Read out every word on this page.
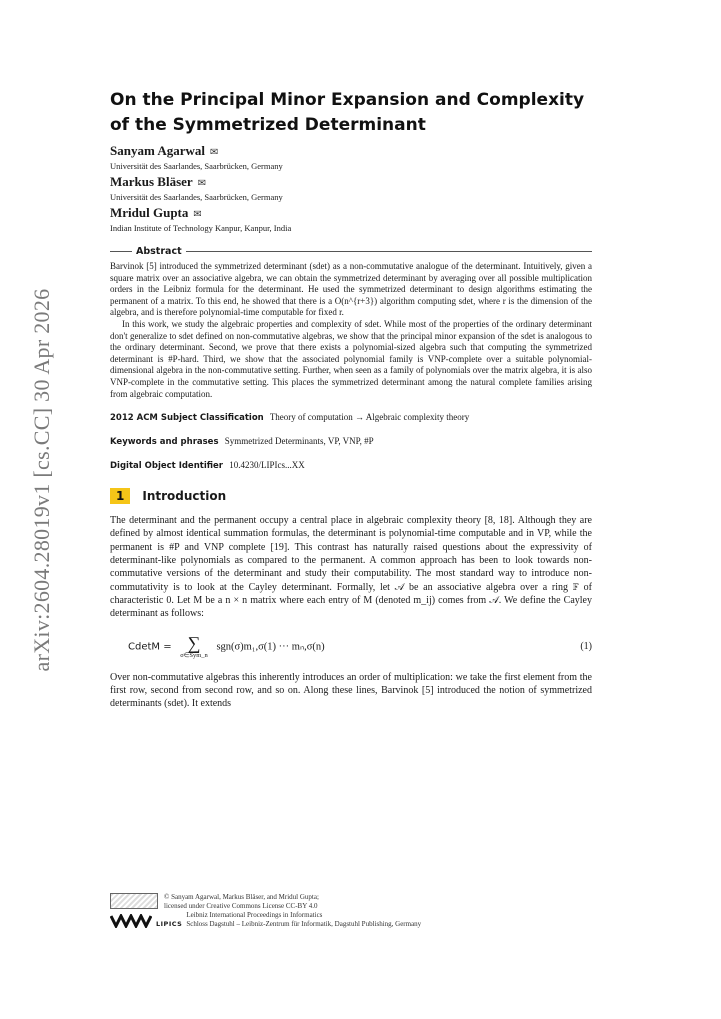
arXiv:2604.28019v1 [cs.CC] 30 Apr 2026
On the Principal Minor Expansion and Complexity
of the Symmetrized Determinant
Sanyam Agarwal ✉
Universität des Saarlandes, Saarbrücken, Germany
Markus Bläser ✉
Universität des Saarlandes, Saarbrücken, Germany
Mridul Gupta ✉
Indian Institute of Technology Kanpur, Kanpur, India
Abstract

Barvinok [5] introduced the symmetrized determinant (sdet) as a non-commutative analogue of the determinant. Intuitively, given a square matrix over an associative algebra, we can obtain the symmetrized determinant by averaging over all possible multiplication orders in the Leibniz formula for the determinant. He used the symmetrized determinant to design algorithms estimating the permanent of a matrix. To this end, he showed that there is a O(n^{r+3}) algorithm computing sdet, where r is the dimension of the algebra, and is therefore polynomial-time computable for fixed r.

In this work, we study the algebraic properties and complexity of sdet. While most of the properties of the ordinary determinant don't generalize to sdet defined on non-commutative algebras, we show that the principal minor expansion of the sdet is analogous to the ordinary determinant. Second, we prove that there exists a polynomial-sized algebra such that computing the symmetrized determinant is #P-hard. Third, we show that the associated polynomial family is VNP-complete over a suitable polynomial-dimensional algebra in the non-commutative setting. Further, when seen as a family of polynomials over the matrix algebra, it is also VNP-complete in the commutative setting. This places the symmetrized determinant among the natural complete families arising from algebraic computation.

2012 ACM Subject Classification Theory of computation → Algebraic complexity theory
Keywords and phrases Symmetrized Determinants, VP, VNP, #P
Digital Object Identifier 10.4230/LIPIcs...XX
1	Introduction

The determinant and the permanent occupy a central place in algebraic complexity theory [8, 18]. Although they are defined by almost identical summation formulas, the determinant is polynomial-time computable and in VP, while the permanent is #P and VNP complete [19]. This contrast has naturally raised questions about the expressivity of determinant-like polynomials as compared to the permanent. A common approach has been to look towards non-commutative versions of the determinant and study their computability. The most standard way to introduce non-commutativity is to look at the Cayley determinant. Formally, let 𝒜 be an associative algebra over a ring 𝔽 of characteristic 0. Let M be a n × n matrix where each entry of M (denoted m_ij) comes from 𝒜. We define the Cayley determinant as follows:

CdetM = ∑
σ∈Sym_n
sgn(σ)m₁,σ(1) ··· mₙ,σ(n)	(1)

Over non-commutative algebras this inherently introduces an order of multiplication: we take the first element from the first row, second from second row, and so on. Along these lines, Barvinok [5] introduced the notion of symmetrized determinants (sdet). It extends

© Sanyam Agarwal, Markus Bläser, and Mridul Gupta;
licensed under Creative Commons License CC-BY 4.0
LIPICS
Leibniz International Proceedings in Informatics
Schloss Dagstuhl – Leibniz-Zentrum für Informatik, Dagstuhl Publishing, Germany
